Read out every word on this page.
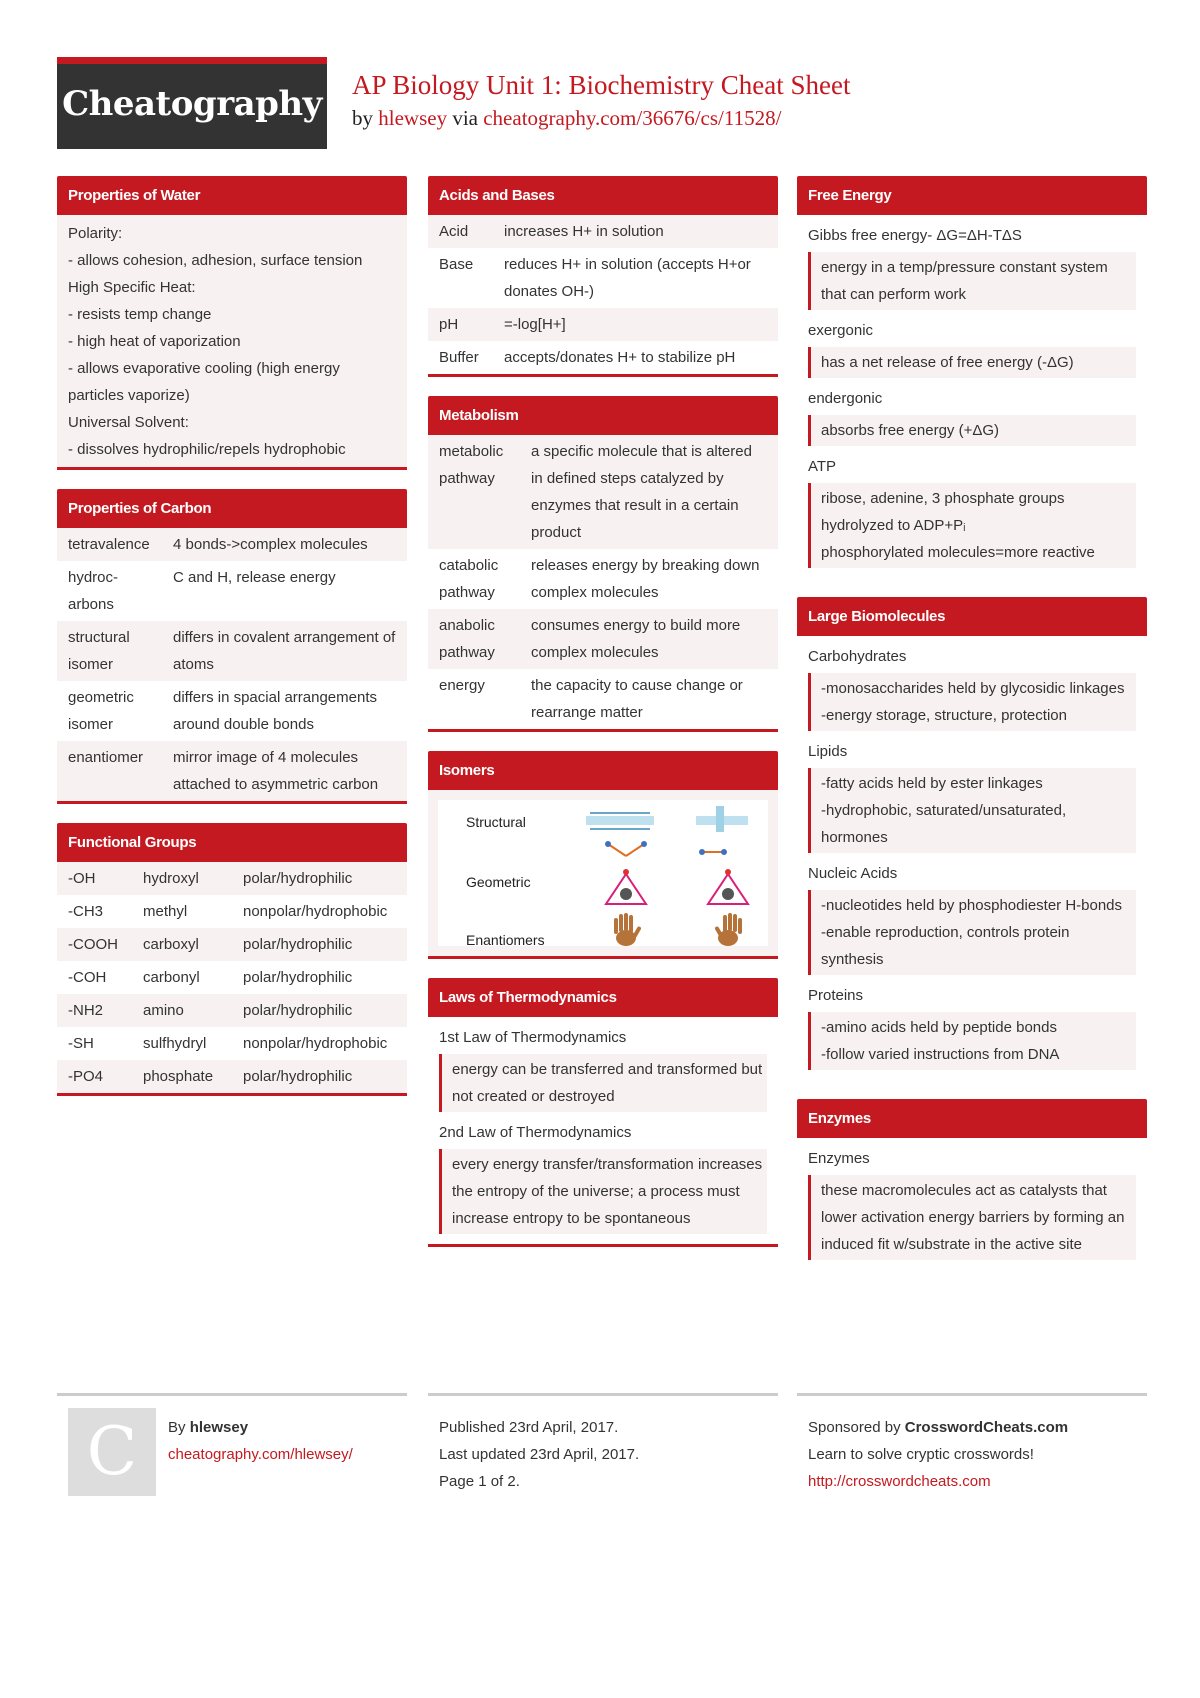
Cheatography AP Biology Unit 1: Biochemistry Cheat Sheet
by hlewsey via cheatography.com/36676/cs/11528/
Properties of Water
Polarity:
- allows cohesion, adhesion, surface tension
High Specific Heat:
- resists temp change
- high heat of vaporization
- allows evaporative cooling (high energy particles vaporize)
Universal Solvent:
- dissolves hydrophilic/repels hydrophobic
Properties of Carbon
tetravalence	4 bonds->complex molecules
hydrocarbons	C and H, release energy
structural isomer	differs in covalent arrangement of atoms
geometric isomer	differs in spacial arrangements around double bonds
enantiomer	mirror image of 4 molecules attached to asymmetric carbon
Functional Groups
-OH	hydroxyl	polar/hydrophilic
-CH3	methyl	nonpolar/hydrophobic
-COOH	carboxyl	polar/hydrophilic
-COH	carbonyl	polar/hydrophilic
-NH2	amino	polar/hydrophilic
-SH	sulfhydryl	nonpolar/hydrophobic
-PO4	phosphate	polar/hydrophilic
Acids and Bases
Acid	increases H+ in solution
Base	reduces H+ in solution (accepts H+or donates OH-)
pH	=-log[H+]
Buffer	accepts/donates H+ to stabilize pH
Metabolism
metabolic pathway	a specific molecule that is altered in defined steps catalyzed by enzymes that result in a certain product
catabolic pathway	releases energy by breaking down complex molecules
anabolic pathway	consumes energy to build more complex molecules
energy	the capacity to cause change or rearrange matter
Isomers
Structural
Geometric
Enantiomers
Laws of Thermodynamics
1st Law of Thermodynamics
energy can be transferred and transformed but not created or destroyed
2nd Law of Thermodynamics
every energy transfer/transformation increases the entropy of the universe; a process must increase entropy to be spontaneous
Free Energy
Gibbs free energy- ΔG=ΔH-TΔS
energy in a temp/pressure constant system that can perform work
exergonic
has a net release of free energy (-ΔG)
endergonic
absorbs free energy (+ΔG)
ATP
ribose, adenine, 3 phosphate groups
hydrolyzed to ADP+Pᵢ
phosphorylated molecules=more reactive
Large Biomolecules
Carbohydrates
-monosaccharides held by glycosidic linkages
-energy storage, structure, protection
Lipids
-fatty acids held by ester linkages
-hydrophobic, saturated/unsaturated, hormones
Nucleic Acids
-nucleotides held by phosphodiester H-bonds
-enable reproduction, controls protein synthesis
Proteins
-amino acids held by peptide bonds
-follow varied instructions from DNA
Enzymes
Enzymes
these macromolecules act as catalysts that lower activation energy barriers by forming an induced fit w/substrate in the active site
C	By hlewsey
cheatography.com/hlewsey/
Published 23rd April, 2017.
Last updated 23rd April, 2017.
Page 1 of 2.
Sponsored by CrosswordCheats.com
Learn to solve cryptic crosswords!
http://crosswordcheats.com
